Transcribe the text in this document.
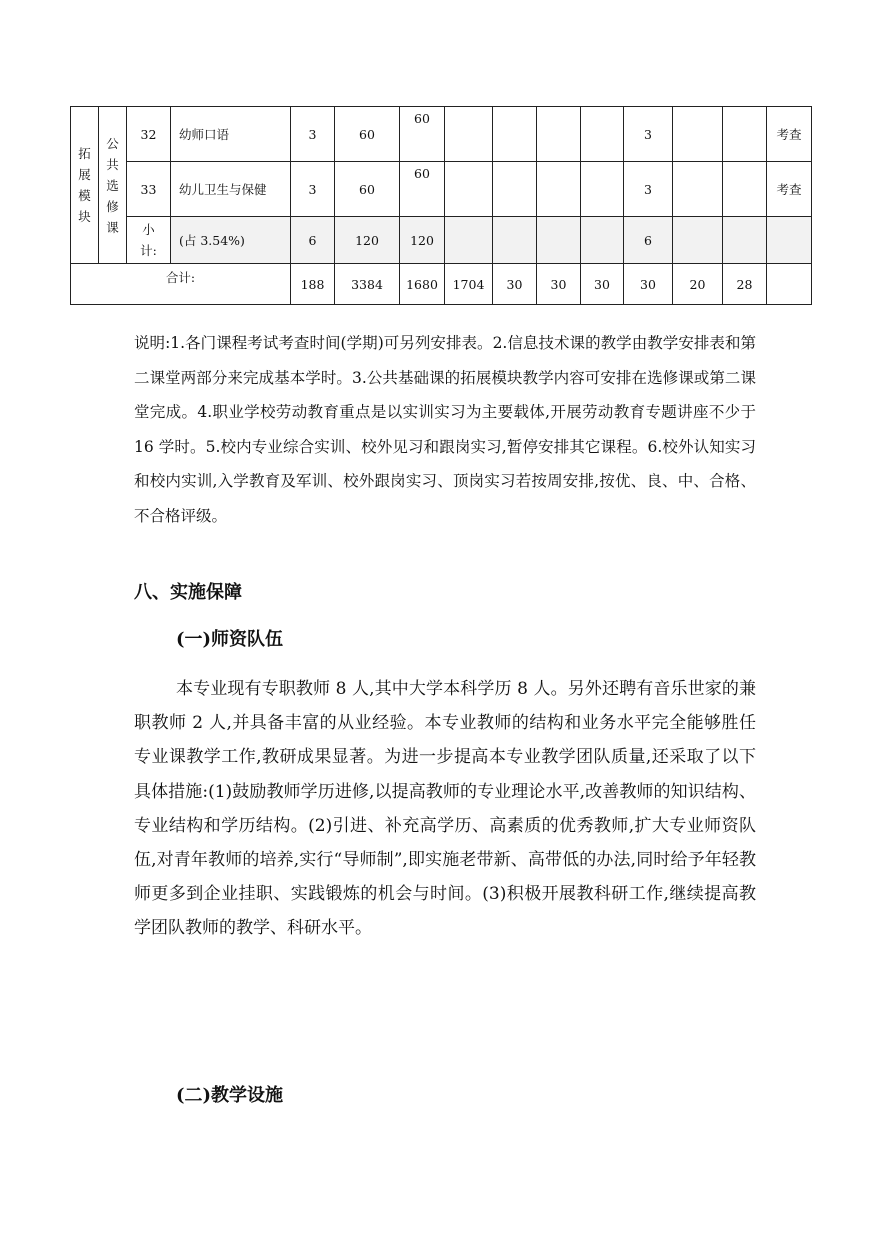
拓展模块	公共选修课	32	幼师口语	3	60	60					3			考查
		33	幼儿卫生与保健	3	60	60					3			考查
		小计:	(占 3.54%)	6	120	120					6			
合计:				188	3384	1680	1704	30	30	30	30	20	28	
说明:1.各门课程考试考查时间(学期)可另列安排表。2.信息技术课的教学由教学安排表和第二课堂两部分来完成基本学时。3.公共基础课的拓展模块教学内容可安排在选修课或第二课堂完成。4.职业学校劳动教育重点是以实训实习为主要载体,开展劳动教育专题讲座不少于 16 学时。5.校内专业综合实训、校外见习和跟岗实习,暂停安排其它课程。6.校外认知实习和校内实训,入学教育及军训、校外跟岗实习、顶岗实习若按周安排,按优、良、中、合格、不合格评级。
八、实施保障
(一)师资队伍
本专业现有专职教师 8 人,其中大学本科学历 8 人。另外还聘有音乐世家的兼职教师 2 人,并具备丰富的从业经验。本专业教师的结构和业务水平完全能够胜任专业课教学工作,教研成果显著。为进一步提高本专业教学团队质量,还采取了以下具体措施:(1)鼓励教师学历进修,以提高教师的专业理论水平,改善教师的知识结构、专业结构和学历结构。(2)引进、补充高学历、高素质的优秀教师,扩大专业师资队伍,对青年教师的培养,实行“导师制”,即实施老带新、高带低的办法,同时给予年轻教师更多到企业挂职、实践锻炼的机会与时间。(3)积极开展教科研工作,继续提高教学团队教师的教学、科研水平。
(二)教学设施
